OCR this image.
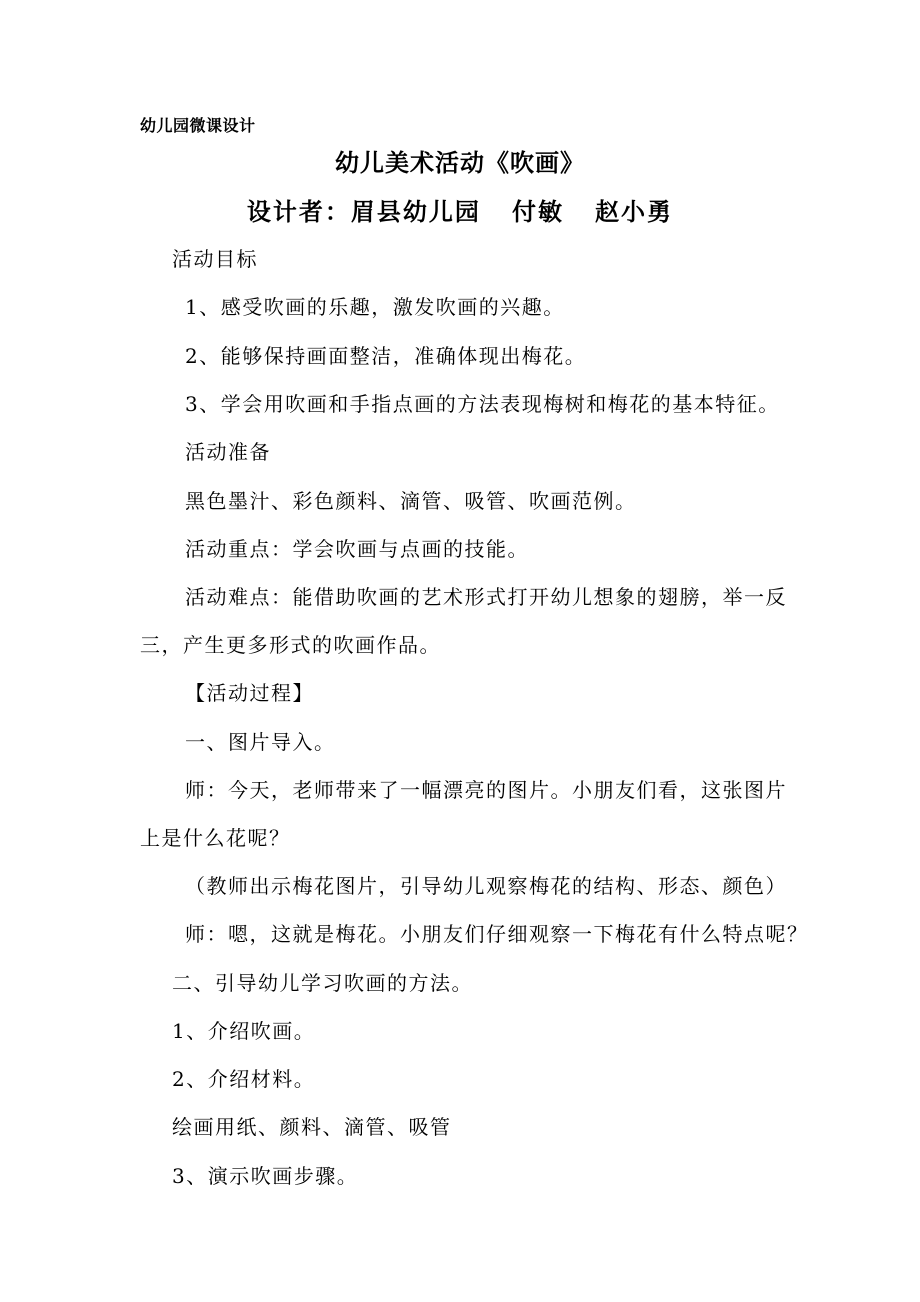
幼儿园微课设计
幼儿美术活动《吹画》
设计者：眉县幼儿园   付敏   赵小勇
活动目标
1、感受吹画的乐趣，激发吹画的兴趣。
2、能够保持画面整洁，准确体现出梅花。
3、学会用吹画和手指点画的方法表现梅树和梅花的基本特征。
活动准备
黑色墨汁、彩色颜料、滴管、吸管、吹画范例。
活动重点：学会吹画与点画的技能。
活动难点：能借助吹画的艺术形式打开幼儿想象的翅膀，举一反
三，产生更多形式的吹画作品。
【活动过程】
一、图片导入。
师：今天，老师带来了一幅漂亮的图片。小朋友们看，这张图片
上是什么花呢？
（教师出示梅花图片，引导幼儿观察梅花的结构、形态、颜色）
师：嗯，这就是梅花。小朋友们仔细观察一下梅花有什么特点呢？
二、引导幼儿学习吹画的方法。
1、介绍吹画。
2、介绍材料。
绘画用纸、颜料、滴管、吸管
3、演示吹画步骤。
